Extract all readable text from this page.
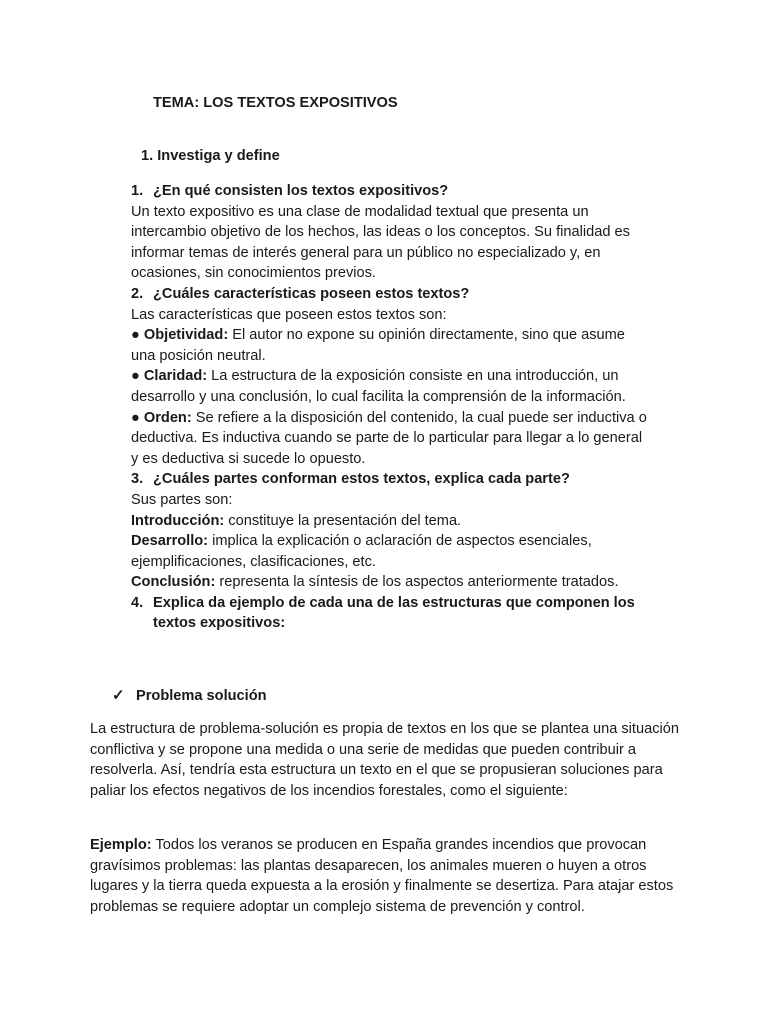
TEMA: LOS TEXTOS EXPOSITIVOS
1. Investiga y define
1. ¿En qué consisten los textos expositivos?

Un texto expositivo es una clase de modalidad textual que presenta un intercambio objetivo de los hechos, las ideas o los conceptos. Su finalidad es informar temas de interés general para un público no especializado y, en ocasiones, sin conocimientos previos.

2. ¿Cuáles características poseen estos textos?

Las características que poseen estos textos son:

● Objetividad: El autor no expone su opinión directamente, sino que asume una posición neutral.

● Claridad: La estructura de la exposición consiste en una introducción, un desarrollo y una conclusión, lo cual facilita la comprensión de la información.

● Orden: Se refiere a la disposición del contenido, la cual puede ser inductiva o deductiva. Es inductiva cuando se parte de lo particular para llegar a lo general y es deductiva si sucede lo opuesto.

3. ¿Cuáles partes conforman estos textos, explica cada parte?

Sus partes son:

Introducción: constituye la presentación del tema.

Desarrollo: implica la explicación o aclaración de aspectos esenciales, ejemplificaciones, clasificaciones, etc.

Conclusión: representa la síntesis de los aspectos anteriormente tratados.

4. Explica da ejemplo de cada una de las estructuras que componen los textos expositivos:
✓ Problema solución

La estructura de problema-solución es propia de textos en los que se plantea una situación conflictiva y se propone una medida o una serie de medidas que pueden contribuir a resolverla. Así, tendría esta estructura un texto en el que se propusieran soluciones para paliar los efectos negativos de los incendios forestales, como el siguiente:

Ejemplo: Todos los veranos se producen en España grandes incendios que provocan gravísimos problemas: las plantas desaparecen, los animales mueren o huyen a otros lugares y la tierra queda expuesta a la erosión y finalmente se desertiza. Para atajar estos problemas se requiere adoptar un complejo sistema de prevención y control.
